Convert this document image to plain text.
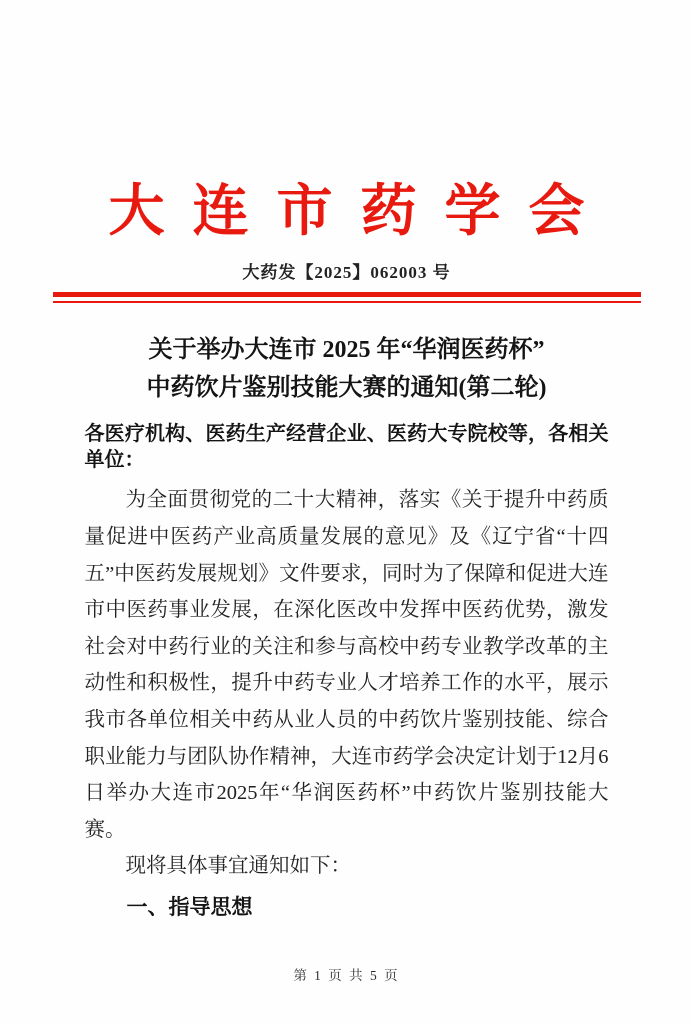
大连市药学会
大药发【2025】062003 号
关于举办大连市 2025 年“华润医药杯”
中药饮片鉴别技能大赛的通知(第二轮)
各医疗机构、医药生产经营企业、医药大专院校等，各相关单位：

为全面贯彻党的二十大精神，落实《关于提升中药质量促进中医药产业高质量发展的意见》及《辽宁省“十四五”中医药发展规划》文件要求，同时为了保障和促进大连市中医药事业发展，在深化医改中发挥中医药优势，激发社会对中药行业的关注和参与高校中药专业教学改革的主动性和积极性，提升中药专业人才培养工作的水平，展示我市各单位相关中药从业人员的中药饮片鉴别技能、综合职业能力与团队协作精神，大连市药学会决定计划于12月6日举办大连市2025年“华润医药杯”中药饮片鉴别技能大赛。

现将具体事宜通知如下：

一、指导思想
第 1 页 共 5 页
